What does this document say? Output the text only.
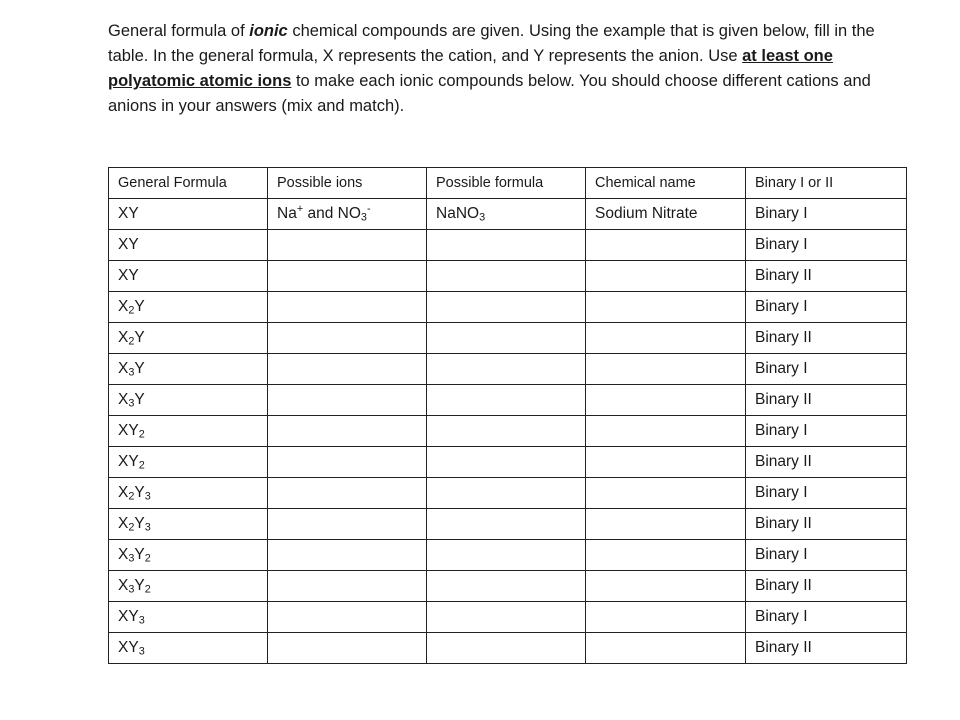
General formula of ionic chemical compounds are given. Using the example that is given below, fill in the table. In the general formula, X represents the cation, and Y represents the anion. Use at least one polyatomic atomic ions to make each ionic compounds below. You should choose different cations and anions in your answers (mix and match).

General Formula	Possible ions	Possible formula	Chemical name	Binary I or II
XY	Na+ and $NO_3^-$	NaNO$_3$	Sodium Nitrate	Binary I
XY				Binary I
XY				Binary II
$X_2Y$				Binary I
$X_2Y$				Binary II
$X_3Y$				Binary I
$X_3Y$				Binary II
$XY_2$				Binary I
$XY_2$				Binary II
$X_2Y_3$				Binary I
$X_2Y_3$				Binary II
$X_3Y_2$				Binary I
$X_3Y_2$				Binary II
$XY_3$				Binary I
$XY_3$				Binary II
